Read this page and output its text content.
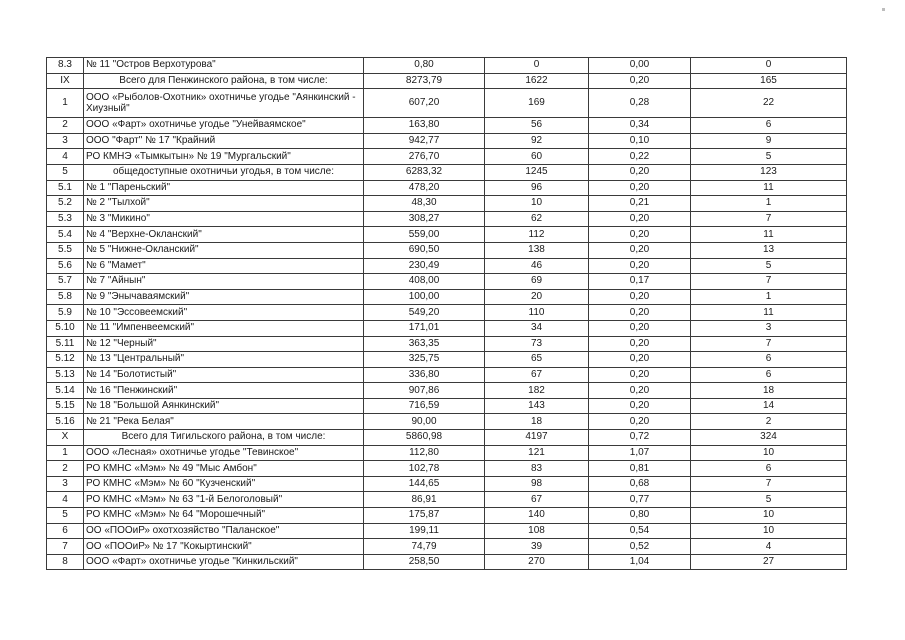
8.3	№ 11 "Остров Верхотурова"	0,80	0	0,00	0
IX	Всего для Пенжинского района, в том числе:	8273,79	1622	0,20	165
1	ООО «Рыболов-Охотник» охотничье угодье "Аянкинский - Хиузный"	607,20	169	0,28	22
2	ООО «Фарт» охотничье угодье "Унейваямское"	163,80	56	0,34	6
3	ООО "Фарт" № 17 "Крайний	942,77	92	0,10	9
4	РО КМНЭ «Тымкытын» № 19 "Мургальский"	276,70	60	0,22	5
5	общедоступные охотничьи угодья, в том числе:	6283,32	1245	0,20	123
5.1	№ 1 "Пареньский"	478,20	96	0,20	11
5.2	№ 2 "Тылхой"	48,30	10	0,21	1
5.3	№ 3 "Микино"	308,27	62	0,20	7
5.4	№ 4 "Верхне-Окланский"	559,00	112	0,20	11
5.5	№ 5 "Нижне-Окланский"	690,50	138	0,20	13
5.6	№ 6 "Мамет"	230,49	46	0,20	5
5.7	№ 7 "Айнын"	408,00	69	0,17	7
5.8	№ 9 "Энычаваямский"	100,00	20	0,20	1
5.9	№ 10 "Эссовеемский"	549,20	110	0,20	11
5.10	№ 11 "Импенвеемский"	171,01	34	0,20	3
5.11	№ 12 "Черный"	363,35	73	0,20	7
5.12	№ 13 "Центральный"	325,75	65	0,20	6
5.13	№ 14 "Болотистый"	336,80	67	0,20	6
5.14	№ 16 "Пенжинский"	907,86	182	0,20	18
5.15	№ 18 "Большой Аянкинский"	716,59	143	0,20	14
5.16	№ 21 "Река Белая"	90,00	18	0,20	2
X	Всего для Тигильского района, в том числе:	5860,98	4197	0,72	324
1	ООО «Лесная» охотничье угодье "Тевинское"	112,80	121	1,07	10
2	РО КМНС «Мэм» № 49 "Мыс Амбон"	102,78	83	0,81	6
3	РО КМНС «Мэм» № 60 "Кузченский"	144,65	98	0,68	7
4	РО КМНС «Мэм» № 63 "1-й Белоголовый"	86,91	67	0,77	5
5	РО КМНС «Мэм» № 64 "Морошечный"	175,87	140	0,80	10
6	ОО «ПООиР» охотхозяйство "Паланское"	199,11	108	0,54	10
7	ОО «ПООиР» № 17 "Кокыртинский"	74,79	39	0,52	4
8	ООО «Фарт» охотничье угодье "Кинкильский"	258,50	270	1,04	27
